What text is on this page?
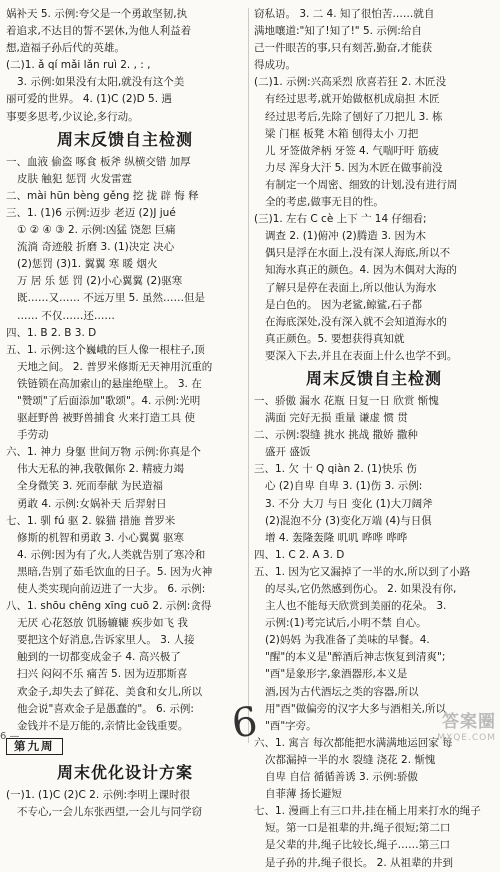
娲补天 5. 示例:夸父是一个勇敢坚韧,执
着追求,不达目的誓不罢休,为他人利益着
想,造福子孙后代的英雄。
(二)1. ǎ qí mǎi lǎn ruì 2. , : ,
3. 示例:如果没有太阳,就没有这个美
丽可爱的世界。 4. (1)C (2)D 5. 遇
事要多思考,少议论,多行动。
周末反馈自主检测
一、血液 偷盗 啄食 板斧 纵横交错 加厚
皮肤 触犯 惩罚 火发雷霆
二、mài hūn bèng gěng 挖 拢 辟 悔 释
三、1. (1)6 示例:迈步 老迈 (2)J jué
① ② ④ ③ 2. 示例:凶猛 饶恕 巨痛
流淌 奇迹般 折磨 3. (1)决定 决心
(2)惩罚 (3)1. 翼翼 寒 暖 烟火
万 居 乐 惩 罚 (2)小心翼翼 (2)驱寒
既……又…… 不远万里 5. 虽然……但是
…… 不仅……还……
四、1. B 2. B 3. D
五、1. 示例:这个巍峨的巨人像一根柱子,顶
天地之间。 2. 普罗米修斯无天神用沉重的
铁链锁在高加索山的悬崖绝壁上。 3. 在
"赞颂"了后面添加"歌颂"。4. 示例:光明
驱赶野兽 被野兽捕食 火来打造工具 使
手劳动
六、1. 神力 身躯 世间万物 示例:你真是个
伟大无私的神,我敬佩你 2. 精疲力竭
全身微笑 3. 死而奉献 为民造福
勇敢 4. 示例:女娲补天 后羿射日
七、1. 驯 fú 驱 2. 躲猫 措施 普罗米
修斯的机智和勇敢 3. 小心翼翼 驱寒
4. 示例:因为有了火,人类就告别了寒冷和
黑暗,告别了茹毛饮血的日子。5. 因为火神
使人类实现向前迈进了一大步。 6. 示例:
八、1. shōu chēng xīng cuō 2. 示例:贪得
无厌 心花怒放 饥肠辘辘 疾步如飞 我
要把这个好消息,告诉家里人。 3. 人接
触到的一切都变成金子 4. 高兴极了
扫兴 闷闷不乐 痛苦 5. 因为迈那斯喜
欢金子,却失去了鲜花、美食和女儿,所以
他会说"喜欢金子是愚蠢的"。 6. 示例:
金钱并不是万能的,亲情比金钱重要。
第九周
周末优化设计方案
(一)1. (1)C (2)C 2. 示例:李明上课时很
不专心,一会儿东张西望,一会儿与同学窃
窃私语。 3. 二 4. 知了很怕苦……就自
满地嚷道:"知了!知了!" 5. 示例:给自
己一件眼苦的事,只有刻苦,勤奋,才能获
得成功。
(二)1. 示例:兴高采烈 欣喜若狂 2. 木匠没
有经过思考,就开始做枢机成扇担 木匠
经过思考后,先除了刨好了刀把儿 3. 栋
梁 门框 板凳 木箱 刨得太小 刀把
儿 牙签做斧柄 牙签 4. 气喘吁吁 筋疲
力尽 浑身大汗 5. 因为木匠在做事前没
有制定一个周密、细致的计划,没有进行周
全的考虑,做事无目的性。
(三)1. 左右 C cè 上下 亠 14 仔细看;
调查 2. (1)俯冲 (2)腾造 3. 因为木
偶只是浮在水面上,没有深人海底,所以不
知海水真正的颜色。4. 因为木偶对大海的
了解只是停在表面上,所以他认为海水
是白色的。 因为老鲨,鲸鲨,石子都
在海底深处,没有深入就不会知道海水的
真正颜色。5. 要想获得真知就
要深入下去,并且在表面上什么也学不到。
周末反馈自主检测
一、骄傲 漏水 花瓶 日复一日 欣赏 惭愧
满面 完好无损 重量 谦虚 惯 贯
二、示例:裂缝 挑水 挑战 撒娇 撒种
盛开 盛饭
三、1. 欠 十 Q qiàn 2. (1)快乐 伤
心 (2)自卑 自卑 3. (1)伤 3. 示例:
3. 不分 大刀 与日 变化 (1)大刀阔斧
(2)混泡不分 (3)变化万端 (4)与日俱
增 4. 轰隆轰隆 叽叽 哗哗 哗哗
四、1. C 2. A 3. D
五、1. 因为它又漏掉了一半的水,所以到了小路
的尽头,它仍然感到伤心。 2. 如果没有你,
主人也不能每天欣赏到美丽的花朵。 3.
示例:(1)考完试后,小明不禁 自心。
(2)妈妈 为我准备了美味的早餐。4.
"醒"的本义是"醉酒后神志恢复到清爽";
"酉"是象形字,象酒器形,本义是
酒,因为古代酒坛之类的容器,所以
用"酉"做偏旁的汉字大多与酒相关,所以
"酉"字旁。
六、1. 寓言 每次都能把水满满地运回家 每
次都漏掉一半的水 裂缝 浇花 2. 惭愧
自卑 自信 循循善诱 3. 示例:骄傲
自菲薄 扬长避短
七、1. 漫画上有三口井,挂在桶上用来打水的绳子
短。第一口是祖辈的井,绳子很短;第二口
是父辈的井,绳子比较长,绳子……第三口
是子孙的井,绳子很长。 2. 从祖辈的井到
6
6 —
答案圈
MXQE.COM
